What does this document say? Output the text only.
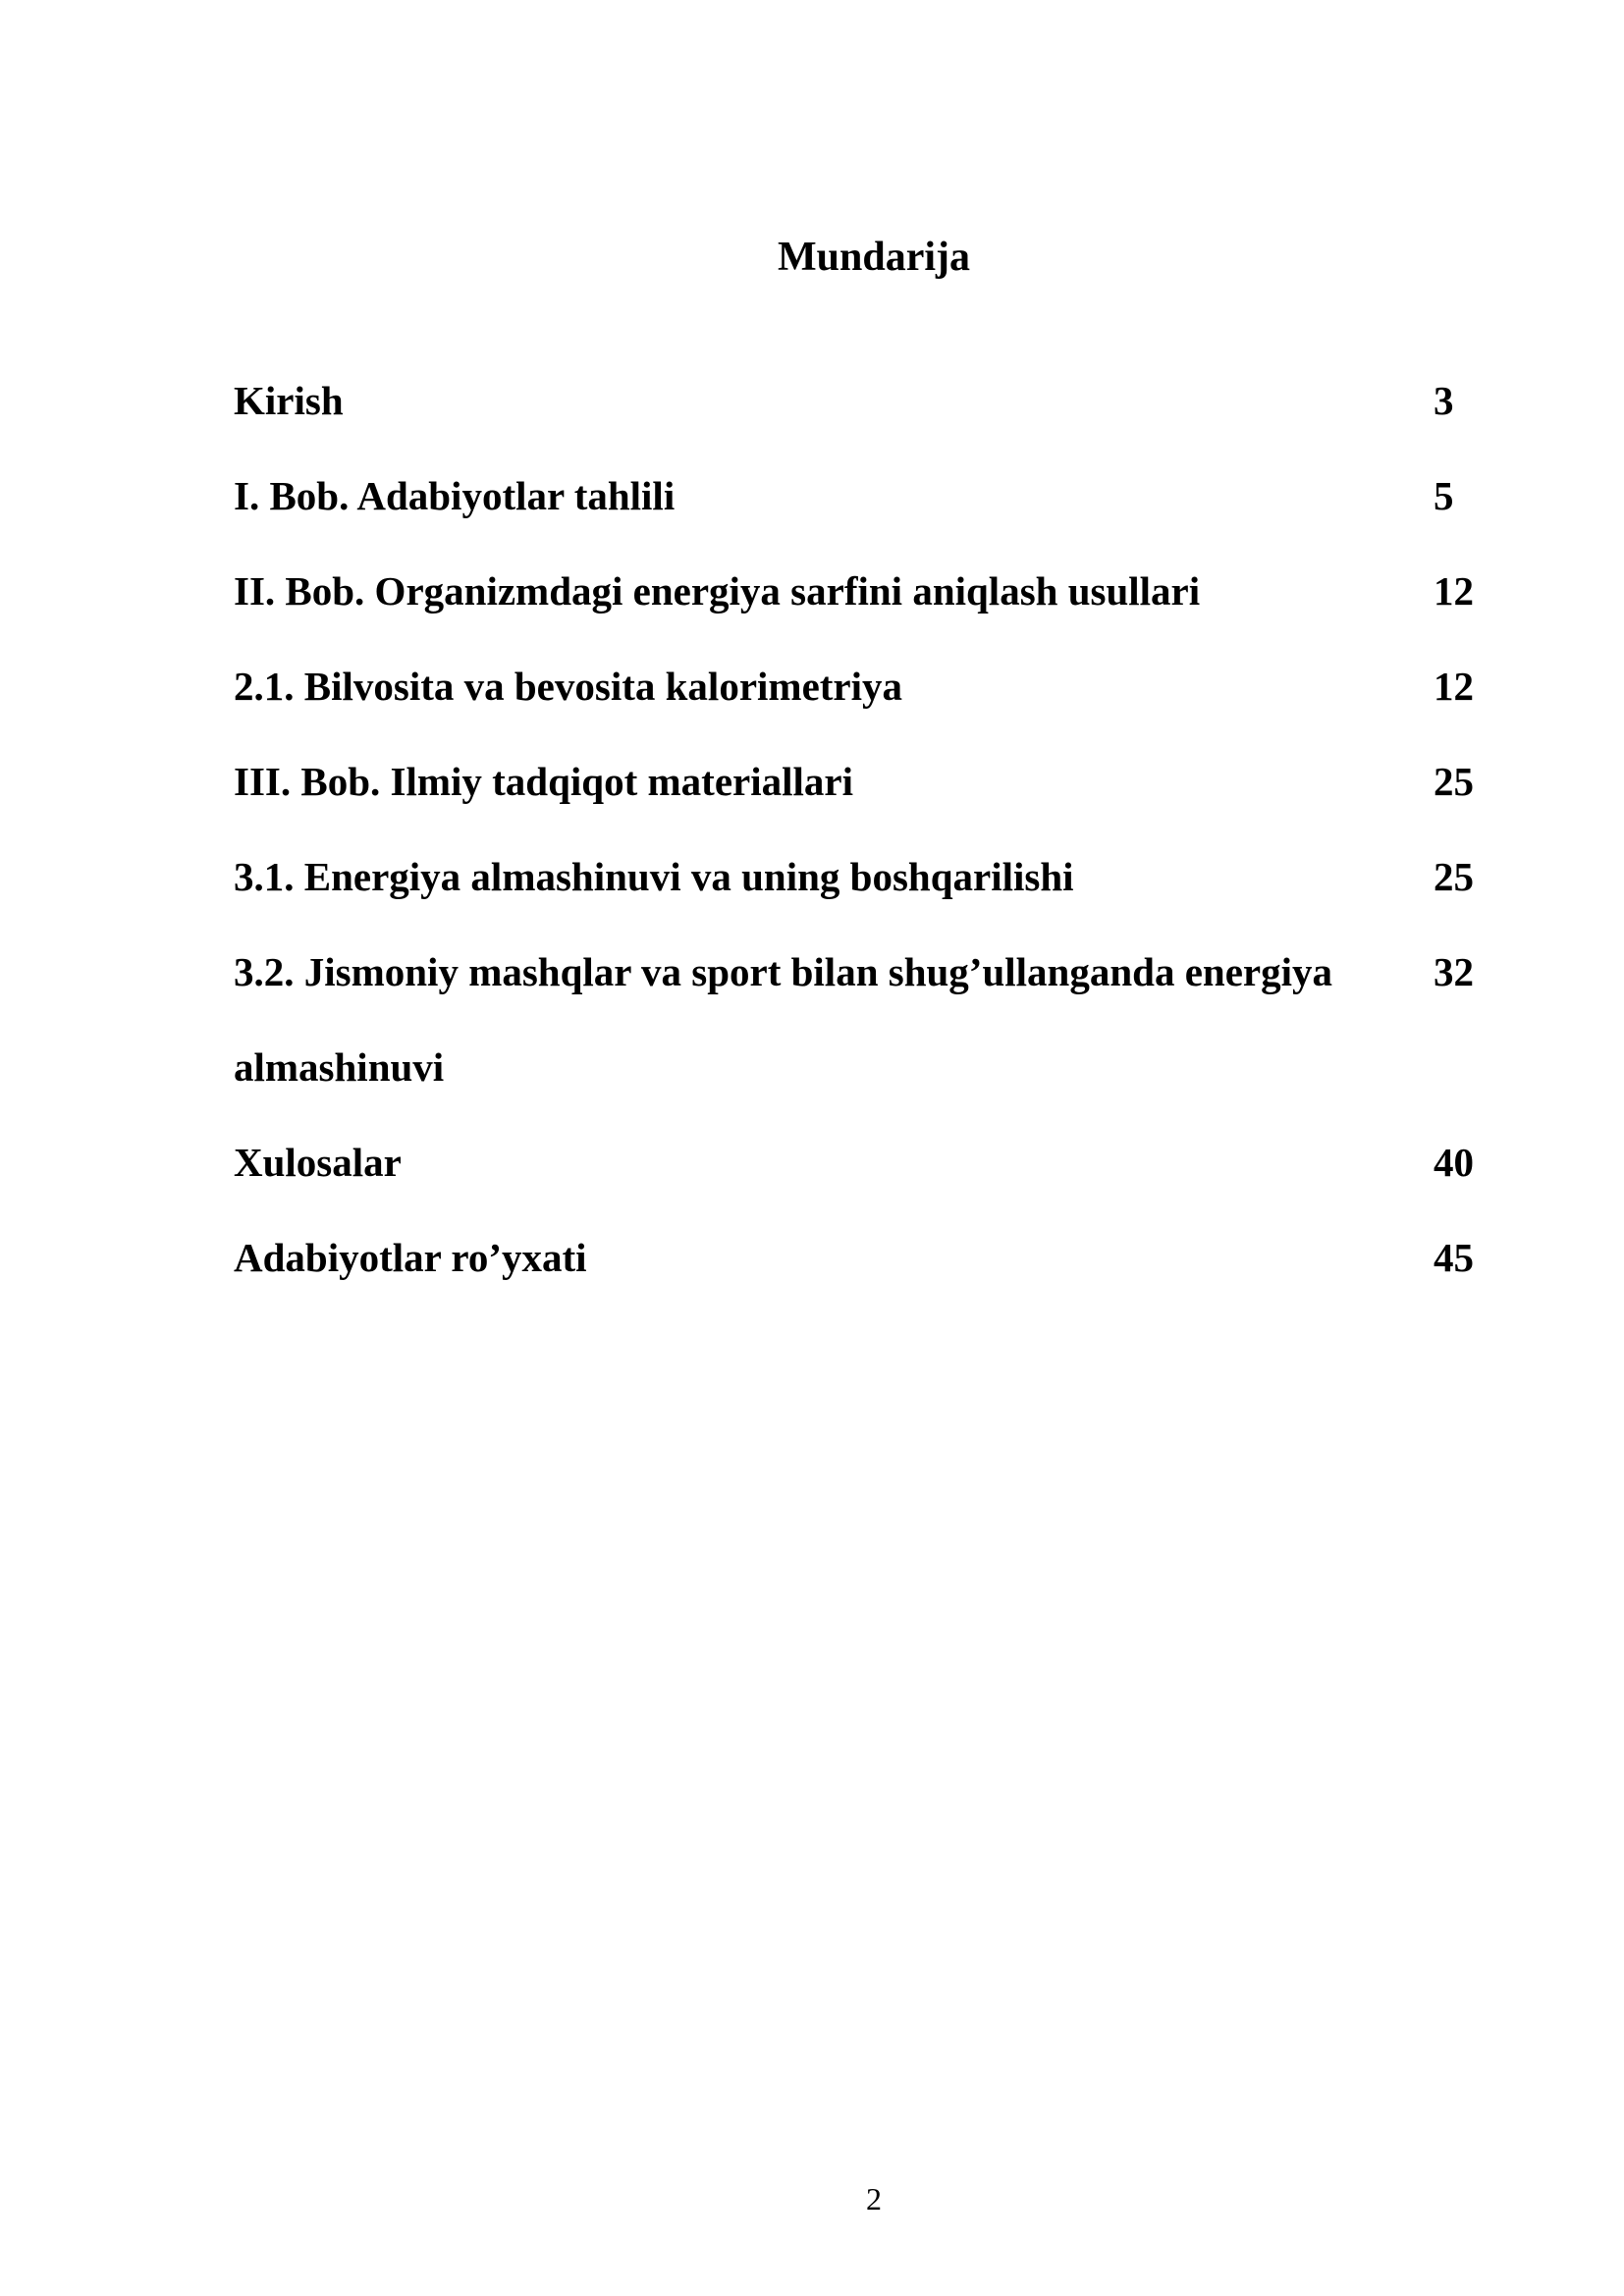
Mundarija
Kirish	3
I. Bob. Adabiyotlar tahlili	5
II. Bob. Organizmdagi energiya sarfini aniqlash usullari	12
2.1. Bilvosita va bevosita kalorimetriya	12
III. Bob. Ilmiy tadqiqot materiallari	25
3.1. Energiya almashinuvi va uning boshqarilishi	25
3.2. Jismoniy mashqlar va sport bilan shug’ullanganda energiya	32
almashinuvi
Xulosalar	40
Adabiyotlar ro’yxati	45
2
